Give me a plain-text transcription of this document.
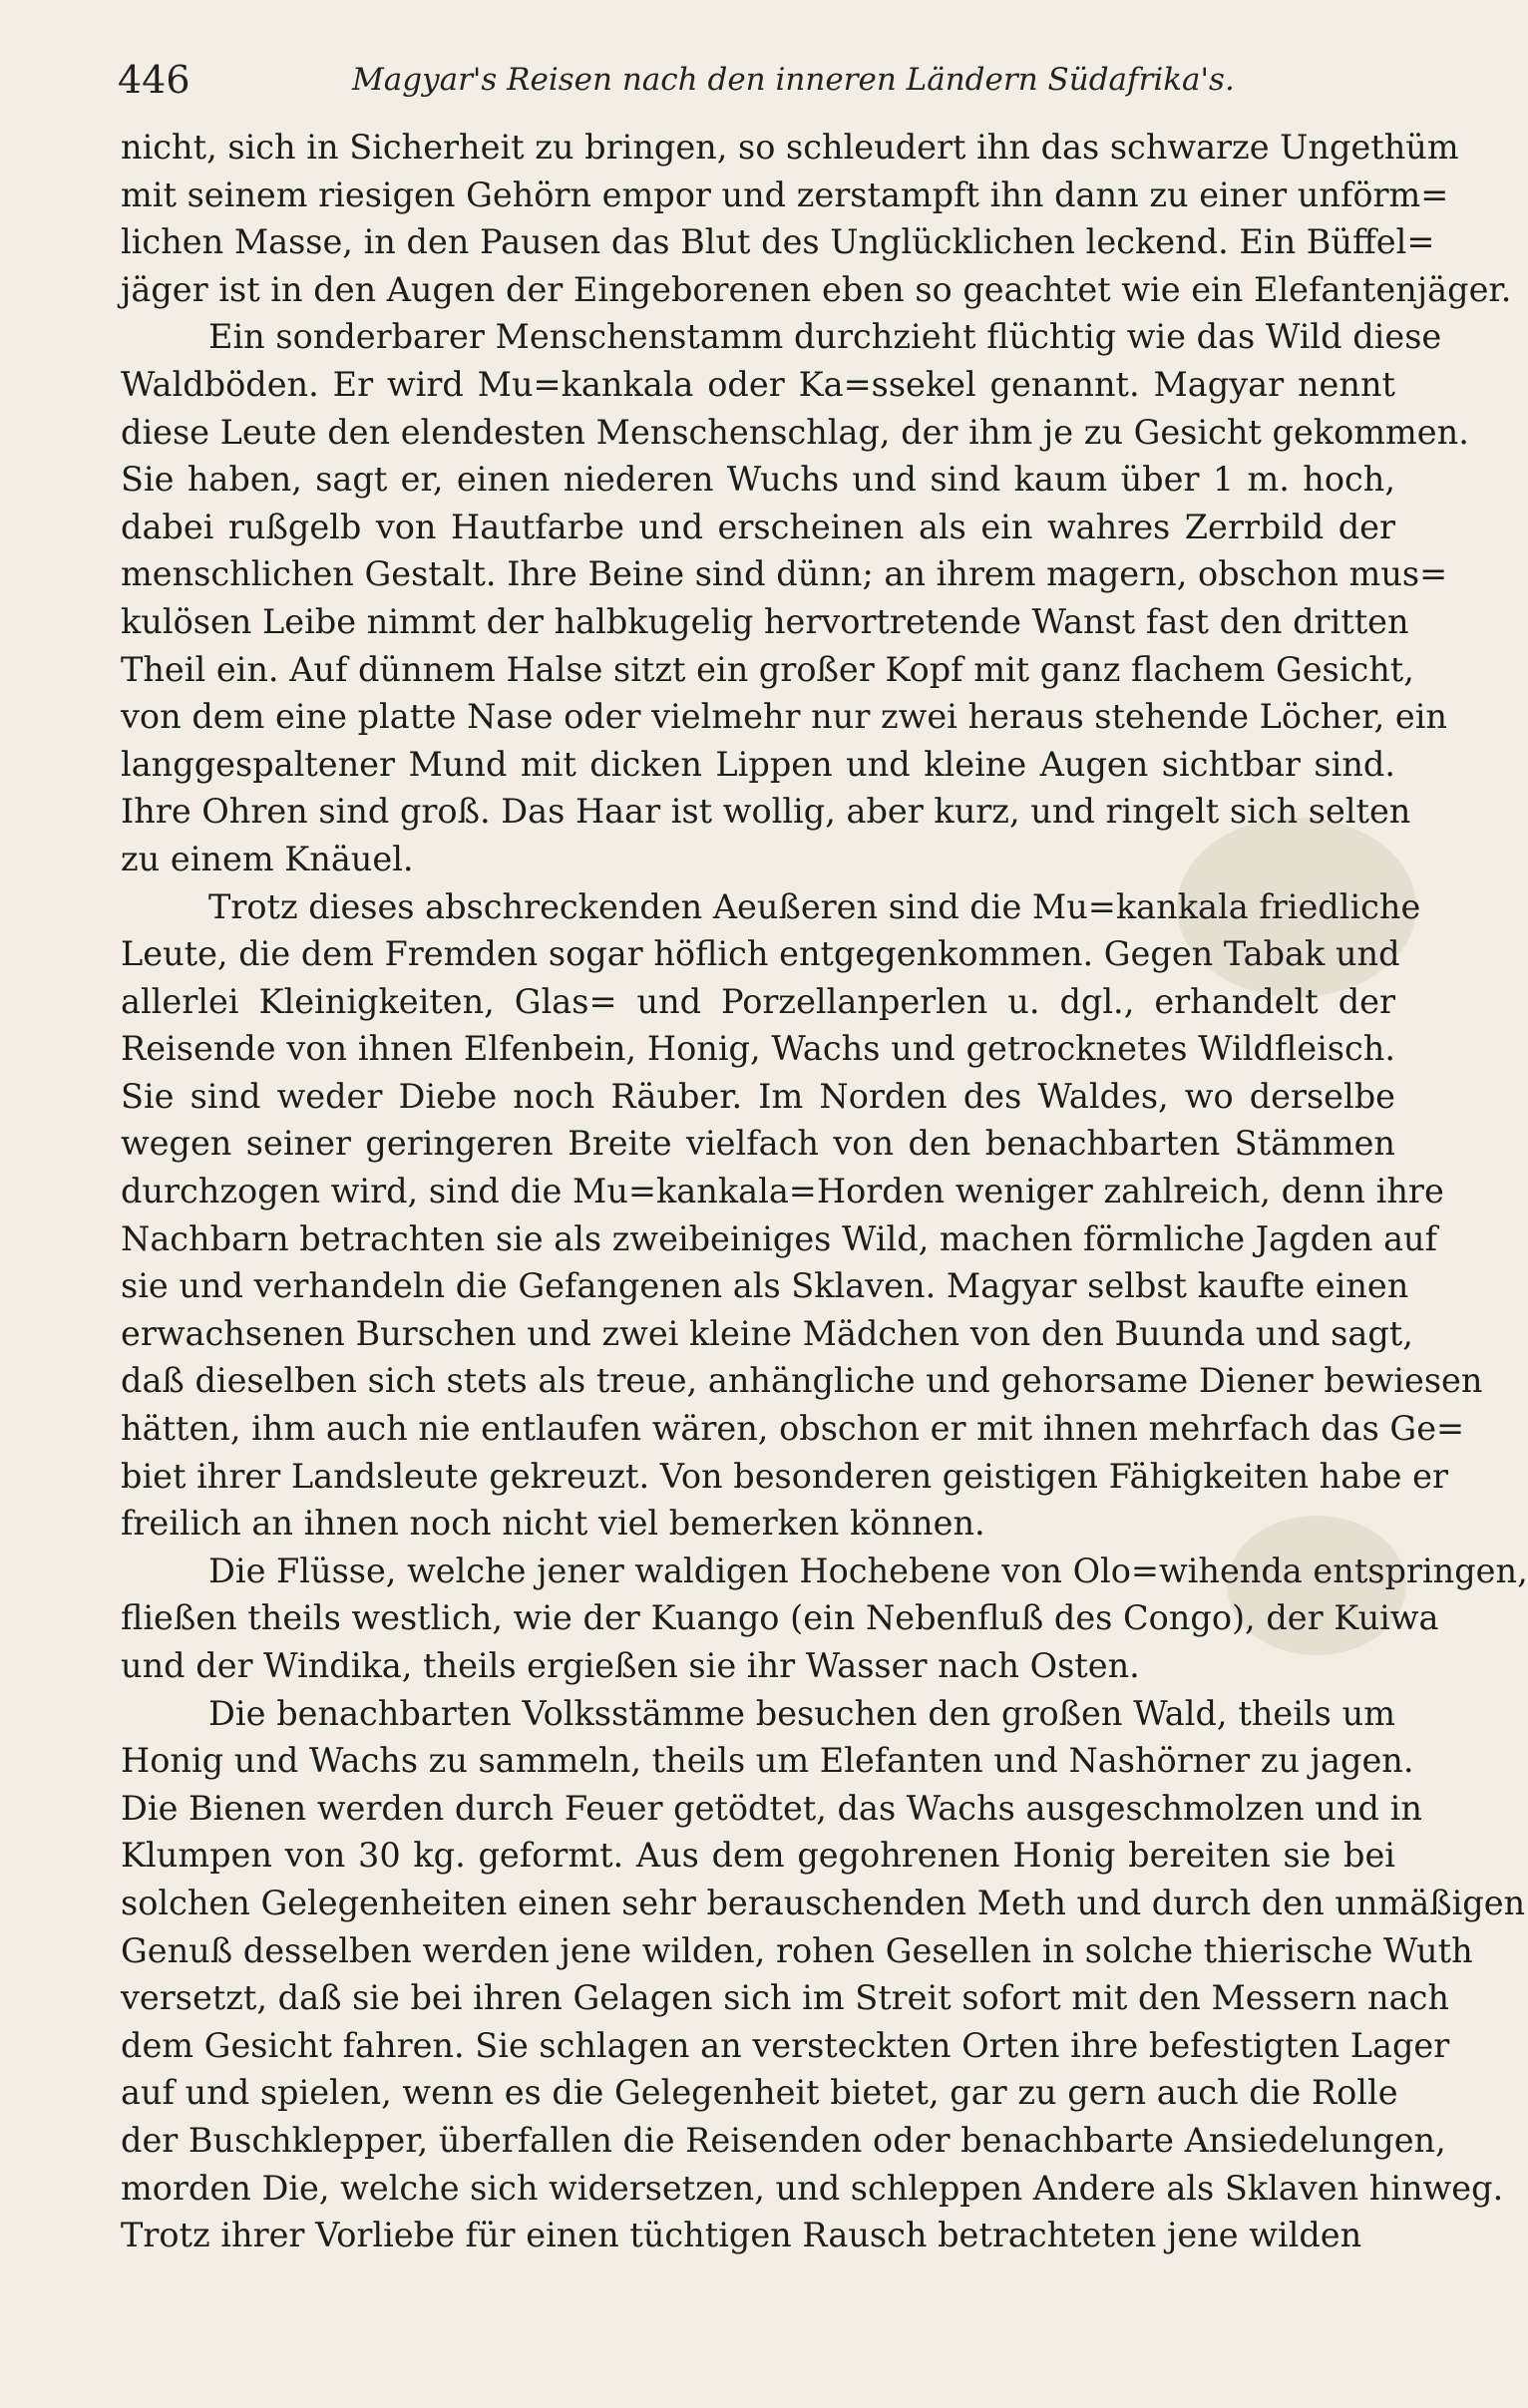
446	Magyar's Reisen nach den inneren Ländern Südafrika's.
nicht, sich in Sicherheit zu bringen, so schleudert ihn das schwarze Ungethüm
mit seinem riesigen Gehörn empor und zerstampft ihn dann zu einer unförm=
lichen Masse, in den Pausen das Blut des Unglücklichen leckend. Ein Büffel=
jäger ist in den Augen der Eingeborenen eben so geachtet wie ein Elefantenjäger.
Ein sonderbarer Menschenstamm durchzieht flüchtig wie das Wild diese
Waldböden. Er wird Mu=kankala oder Ka=ssekel genannt. Magyar nennt
diese Leute den elendesten Menschenschlag, der ihm je zu Gesicht gekommen.
Sie haben, sagt er, einen niederen Wuchs und sind kaum über 1 m. hoch,
dabei rußgelb von Hautfarbe und erscheinen als ein wahres Zerrbild der
menschlichen Gestalt. Ihre Beine sind dünn; an ihrem magern, obschon mus=
kulösen Leibe nimmt der halbkugelig hervortretende Wanst fast den dritten
Theil ein. Auf dünnem Halse sitzt ein großer Kopf mit ganz flachem Gesicht,
von dem eine platte Nase oder vielmehr nur zwei heraus stehende Löcher, ein
langgespaltener Mund mit dicken Lippen und kleine Augen sichtbar sind.
Ihre Ohren sind groß. Das Haar ist wollig, aber kurz, und ringelt sich selten
zu einem Knäuel.
Trotz dieses abschreckenden Aeußeren sind die Mu=kankala friedliche
Leute, die dem Fremden sogar höflich entgegenkommen. Gegen Tabak und
allerlei Kleinigkeiten, Glas= und Porzellanperlen u. dgl., erhandelt der
Reisende von ihnen Elfenbein, Honig, Wachs und getrocknetes Wildfleisch.
Sie sind weder Diebe noch Räuber. Im Norden des Waldes, wo derselbe
wegen seiner geringeren Breite vielfach von den benachbarten Stämmen
durchzogen wird, sind die Mu=kankala=Horden weniger zahlreich, denn ihre
Nachbarn betrachten sie als zweibeiniges Wild, machen förmliche Jagden auf
sie und verhandeln die Gefangenen als Sklaven. Magyar selbst kaufte einen
erwachsenen Burschen und zwei kleine Mädchen von den Buunda und sagt,
daß dieselben sich stets als treue, anhängliche und gehorsame Diener bewiesen
hätten, ihm auch nie entlaufen wären, obschon er mit ihnen mehrfach das Ge=
biet ihrer Landsleute gekreuzt. Von besonderen geistigen Fähigkeiten habe er
freilich an ihnen noch nicht viel bemerken können.
Die Flüsse, welche jener waldigen Hochebene von Olo=wihenda entspringen,
fließen theils westlich, wie der Kuango (ein Nebenfluß des Congo), der Kuiwa
und der Windika, theils ergießen sie ihr Wasser nach Osten.
Die benachbarten Volksstämme besuchen den großen Wald, theils um
Honig und Wachs zu sammeln, theils um Elefanten und Nashörner zu jagen.
Die Bienen werden durch Feuer getödtet, das Wachs ausgeschmolzen und in
Klumpen von 30 kg. geformt. Aus dem gegohrenen Honig bereiten sie bei
solchen Gelegenheiten einen sehr berauschenden Meth und durch den unmäßigen
Genuß desselben werden jene wilden, rohen Gesellen in solche thierische Wuth
versetzt, daß sie bei ihren Gelagen sich im Streit sofort mit den Messern nach
dem Gesicht fahren. Sie schlagen an versteckten Orten ihre befestigten Lager
auf und spielen, wenn es die Gelegenheit bietet, gar zu gern auch die Rolle
der Buschklepper, überfallen die Reisenden oder benachbarte Ansiedelungen,
morden Die, welche sich widersetzen, und schleppen Andere als Sklaven hinweg.
Trotz ihrer Vorliebe für einen tüchtigen Rausch betrachteten jene wilden
